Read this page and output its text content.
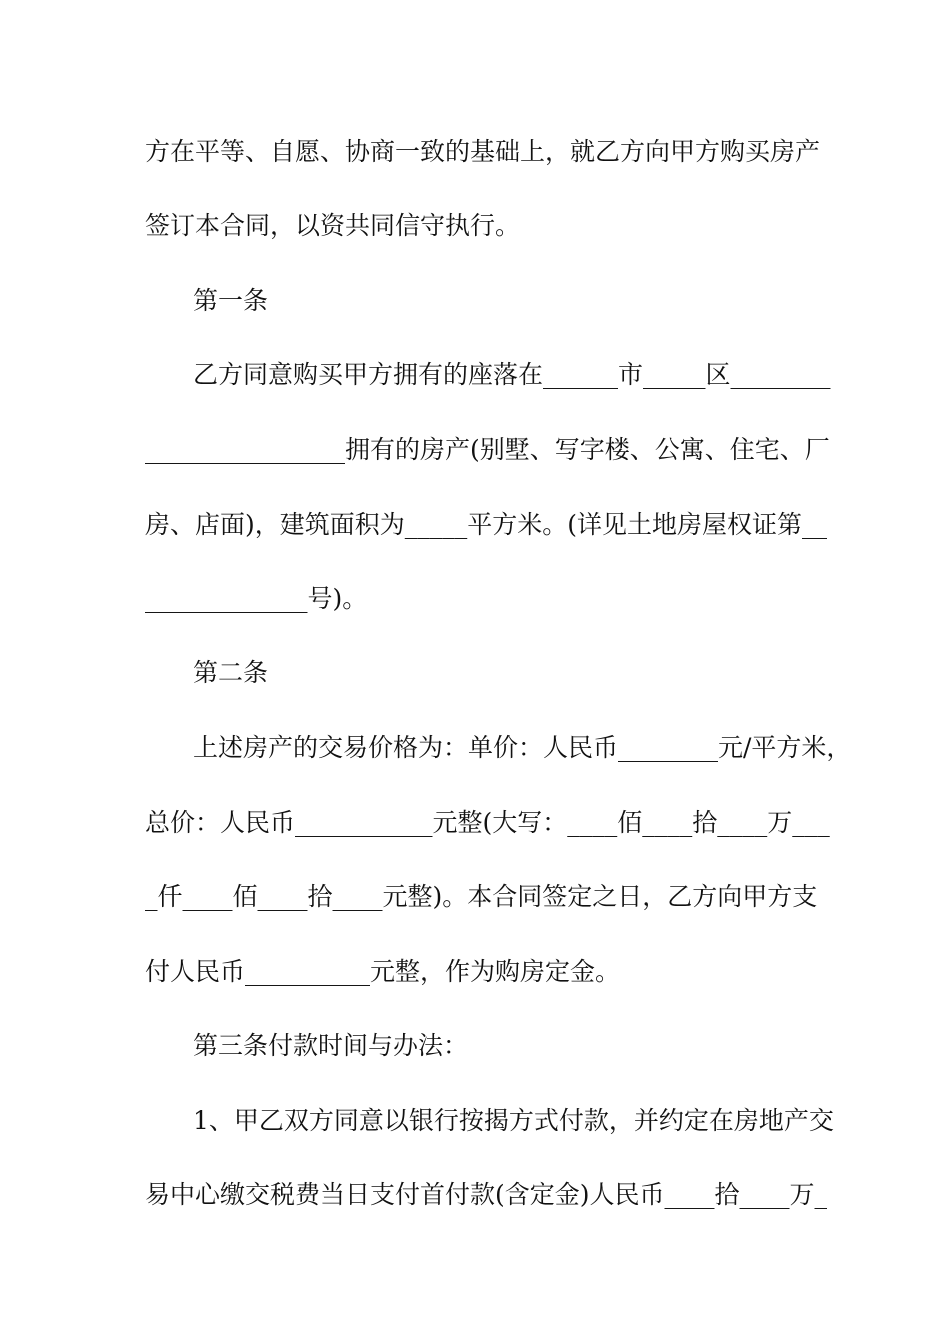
方在平等、自愿、协商一致的基础上，就乙方向甲方购买房产
签订本合同，以资共同信守执行。
第一条
乙方同意购买甲方拥有的座落在______市_____区________
________________拥有的房产(别墅、写字楼、公寓、住宅、厂
房、店面)，建筑面积为_____平方米。(详见土地房屋权证第__
_____________号)。
第二条
上述房产的交易价格为：单价：人民币________元/平方米，
总价：人民币___________元整(大写：____佰____拾____万___
_仟____佰____拾____元整)。本合同签定之日，乙方向甲方支
付人民币__________元整，作为购房定金。
第三条付款时间与办法：
1、甲乙双方同意以银行按揭方式付款，并约定在房地产交
易中心缴交税费当日支付首付款(含定金)人民币____拾____万_
